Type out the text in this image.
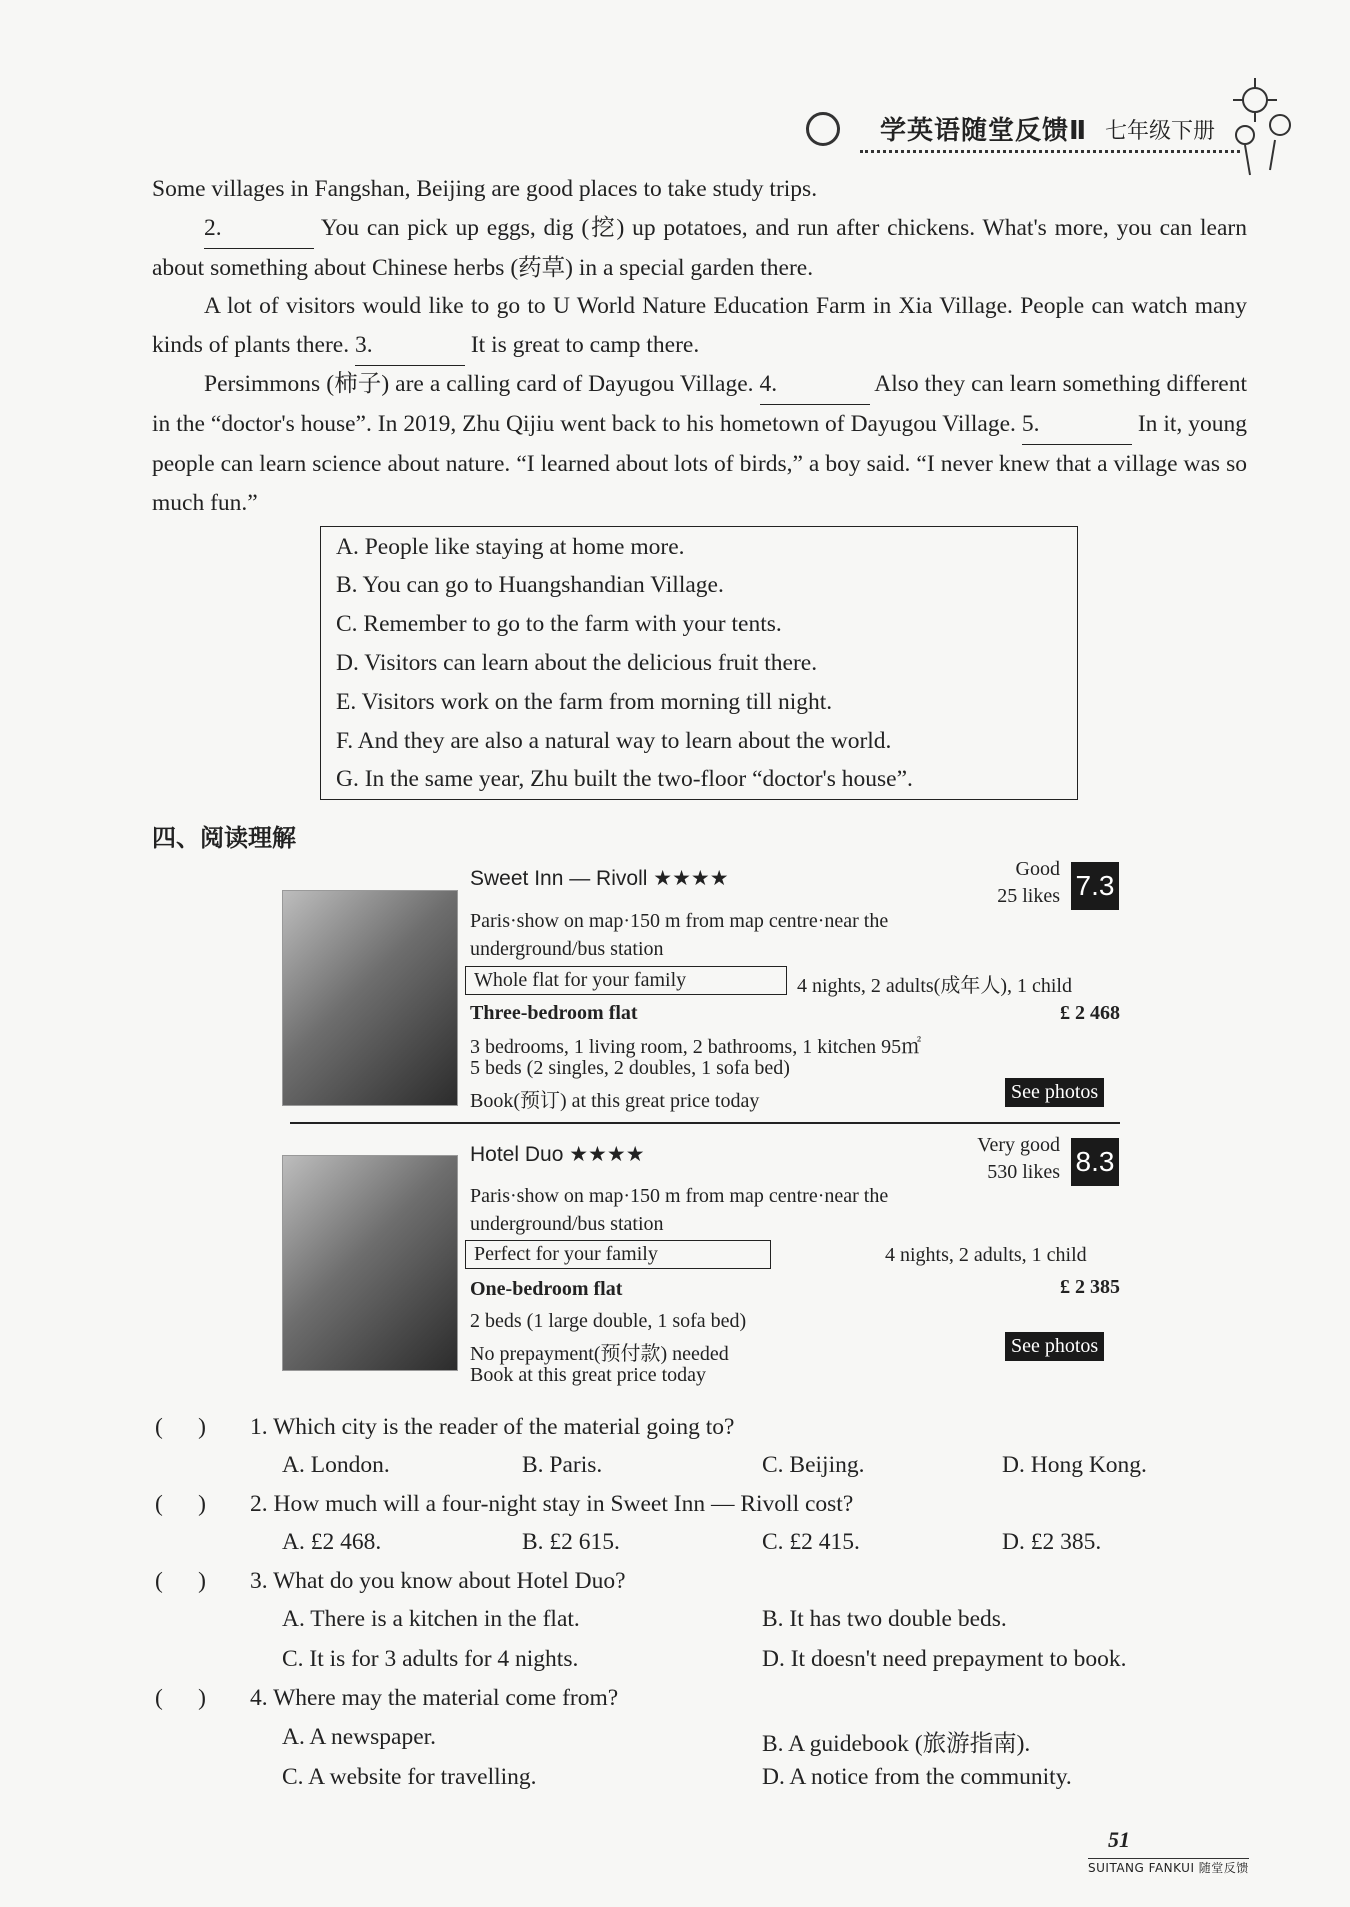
学英语随堂反馈Ⅱ 七年级下册
Some villages in Fangshan, Beijing are good places to take study trips.
2.	You can pick up eggs, dig (挖) up potatoes, and run after chickens. What's more, you can learn about something about Chinese herbs (药草) in a special garden there.
A lot of visitors would like to go to U World Nature Education Farm in Xia Village. People can watch many kinds of plants there. 3.	It is great to camp there.
Persimmons (柿子) are a calling card of Dayugou Village. 4.	Also they can learn something different in the “doctor's house”. In 2019, Zhu Qijiu went back to his hometown of Dayugou Village. 5.	In it, young people can learn science about nature. “I learned about lots of birds,” a boy said. “I never knew that a village was so much fun.”
A. People like staying at home more.
B. You can go to Huangshandian Village.
C. Remember to go to the farm with your tents.
D. Visitors can learn about the delicious fruit there.
E. Visitors work on the farm from morning till night.
F. And they are also a natural way to learn about the world.
G. In the same year, Zhu built the two-floor “doctor's house”.
四、阅读理解
Sweet Inn — Rivoll ★★★★	Good
25 likes 7.3
Paris·show on map·150 m from map centre·near the
underground/bus station
Whole flat for your family	4 nights, 2 adults(成年人), 1 child
Three-bedroom flat	£ 2 468
3 bedrooms, 1 living room, 2 bathrooms, 1 kitchen 95㎡
5 beds (2 singles, 2 doubles, 1 sofa bed)
Book(预订) at this great price today	See photos
Hotel Duo ★★★★	Very good
530 likes 8.3
Paris·show on map·150 m from map centre·near the
underground/bus station
Perfect for your family	4 nights, 2 adults, 1 child
One-bedroom flat	£ 2 385
2 beds (1 large double, 1 sofa bed)
No prepayment(预付款) needed
Book at this great price today
See photos
(      ) 1. Which city is the reader of the material going to?
A. London.	B. Paris.	C. Beijing.	D. Hong Kong.
(      ) 2. How much will a four-night stay in Sweet Inn — Rivoll cost?
A. £2 468.	B. £2 615.	C. £2 415.	D. £2 385.
(      ) 3. What do you know about Hotel Duo?
A. There is a kitchen in the flat.	B. It has two double beds.
C. It is for 3 adults for 4 nights.	D. It doesn't need prepayment to book.
(      ) 4. Where may the material come from?
A. A newspaper.	B. A guidebook (旅游指南).
C. A website for travelling.	D. A notice from the community.
51
SUITANG FANKUI 随堂反馈
